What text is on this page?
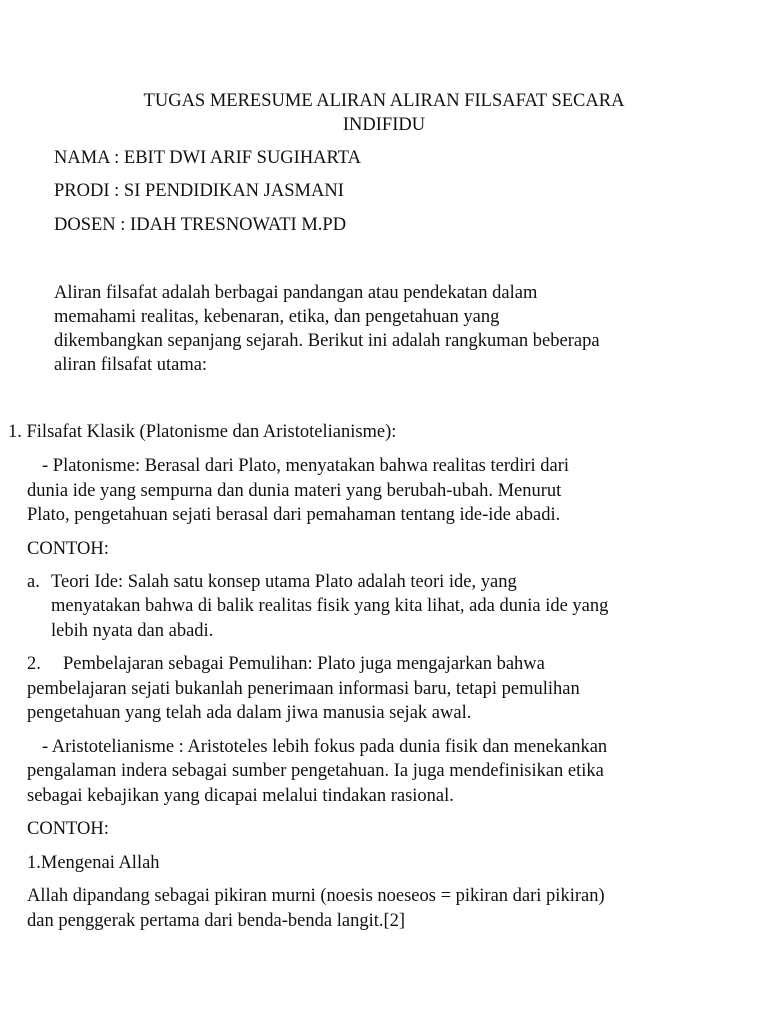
TUGAS MERESUME ALIRAN ALIRAN FILSAFAT SECARA
INDIFIDU
NAMA : EBIT DWI ARIF SUGIHARTA
PRODI : SI PENDIDIKAN JASMANI
DOSEN : IDAH TRESNOWATI M.PD
Aliran filsafat adalah berbagai pandangan atau pendekatan dalam
memahami realitas, kebenaran, etika, dan pengetahuan yang
dikembangkan sepanjang sejarah. Berikut ini adalah rangkuman beberapa
aliran filsafat utama:
1. Filsafat Klasik (Platonisme dan Aristotelianisme):
- Platonisme: Berasal dari Plato, menyatakan bahwa realitas terdiri dari
dunia ide yang sempurna dan dunia materi yang berubah-ubah. Menurut
Plato, pengetahuan sejati berasal dari pemahaman tentang ide-ide abadi.
CONTOH:
a. Teori Ide: Salah satu konsep utama Plato adalah teori ide, yang
menyatakan bahwa di balik realitas fisik yang kita lihat, ada dunia ide yang
lebih nyata dan abadi.
2. Pembelajaran sebagai Pemulihan: Plato juga mengajarkan bahwa
pembelajaran sejati bukanlah penerimaan informasi baru, tetapi pemulihan
pengetahuan yang telah ada dalam jiwa manusia sejak awal.
- Aristotelianisme : Aristoteles lebih fokus pada dunia fisik dan menekankan
pengalaman indera sebagai sumber pengetahuan. Ia juga mendefinisikan etika
sebagai kebajikan yang dicapai melalui tindakan rasional.
CONTOH:
1.Mengenai Allah
Allah dipandang sebagai pikiran murni (noesis noeseos = pikiran dari pikiran)
dan penggerak pertama dari benda-benda langit.[2]
